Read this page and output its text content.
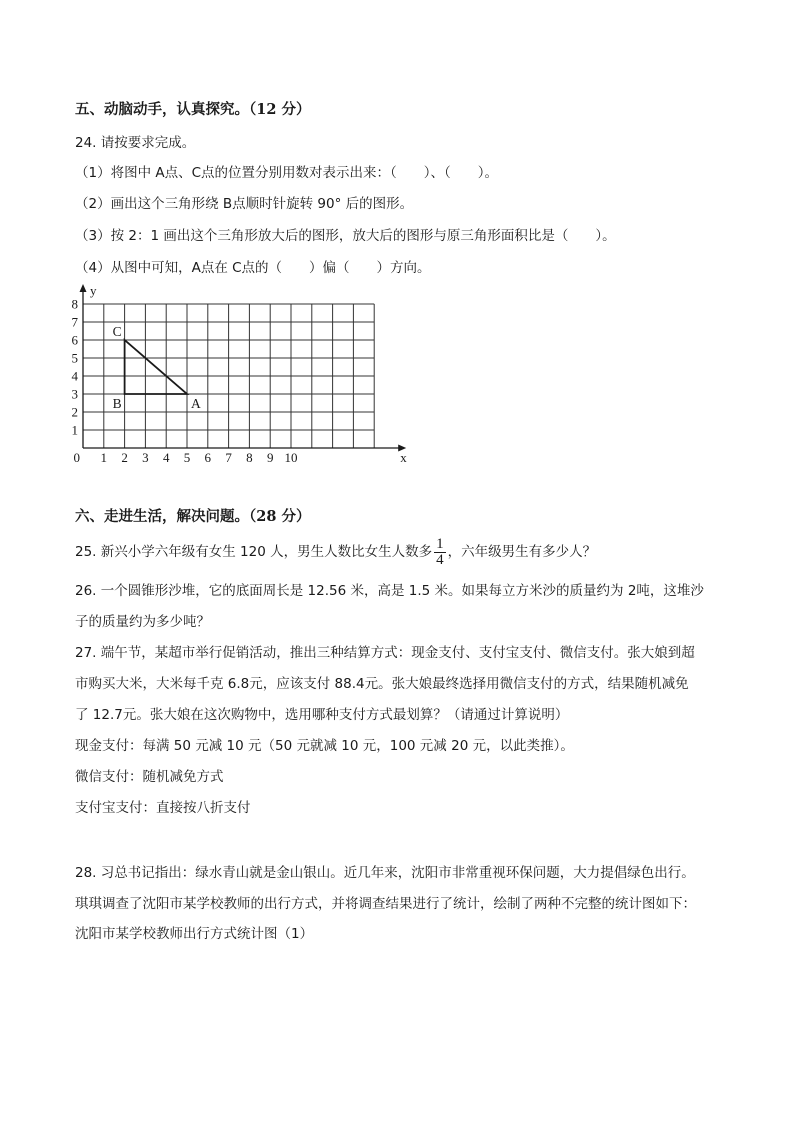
五、动脑动手，认真探究。（12 分）
24. 请按要求完成。
（1）将图中 A点、C点的位置分别用数对表示出来：（　　）、（　　）。
（2）画出这个三角形绕 B点顺时针旋转 90° 后的图形。
（3）按 2：1 画出这个三角形放大后的图形，放大后的图形与原三角形面积比是（　　）。
（4）从图中可知，A点在 C点的（　　）偏（　　）方向。
x
y
0 1 2 3 4 5 6 7 8 9 10
1
2
3
4
5
6
7
8
C
B	A
六、走进生活，解决问题。（28 分）
25. 新兴小学六年级有女生 120 人，男生人数比女生人数多 $\frac{1}{4}$ ，六年级男生有多少人？
26. 一个圆锥形沙堆，它的底面周长是 12.56 米，高是 1.5 米。如果每立方米沙的质量约为 2吨，这堆沙
子的质量约为多少吨？
27. 端午节，某超市举行促销活动，推出三种结算方式：现金支付、支付宝支付、微信支付。张大娘到超
市购买大米，大米每千克 6.8元，应该支付 88.4元。张大娘最终选择用微信支付的方式，结果随机减免
了 12.7元。张大娘在这次购物中，选用哪种支付方式最划算？（请通过计算说明）
现金支付：每满 50 元减 10 元（50 元就减 10 元，100 元减 20 元，以此类推）。
微信支付：随机减免方式
支付宝支付：直接按八折支付
28. 习总书记指出：绿水青山就是金山银山。近几年来，沈阳市非常重视环保问题，大力提倡绿色出行。
琪琪调查了沈阳市某学校教师的出行方式，并将调查结果进行了统计，绘制了两种不完整的统计图如下：
沈阳市某学校教师出行方式统计图（1）
